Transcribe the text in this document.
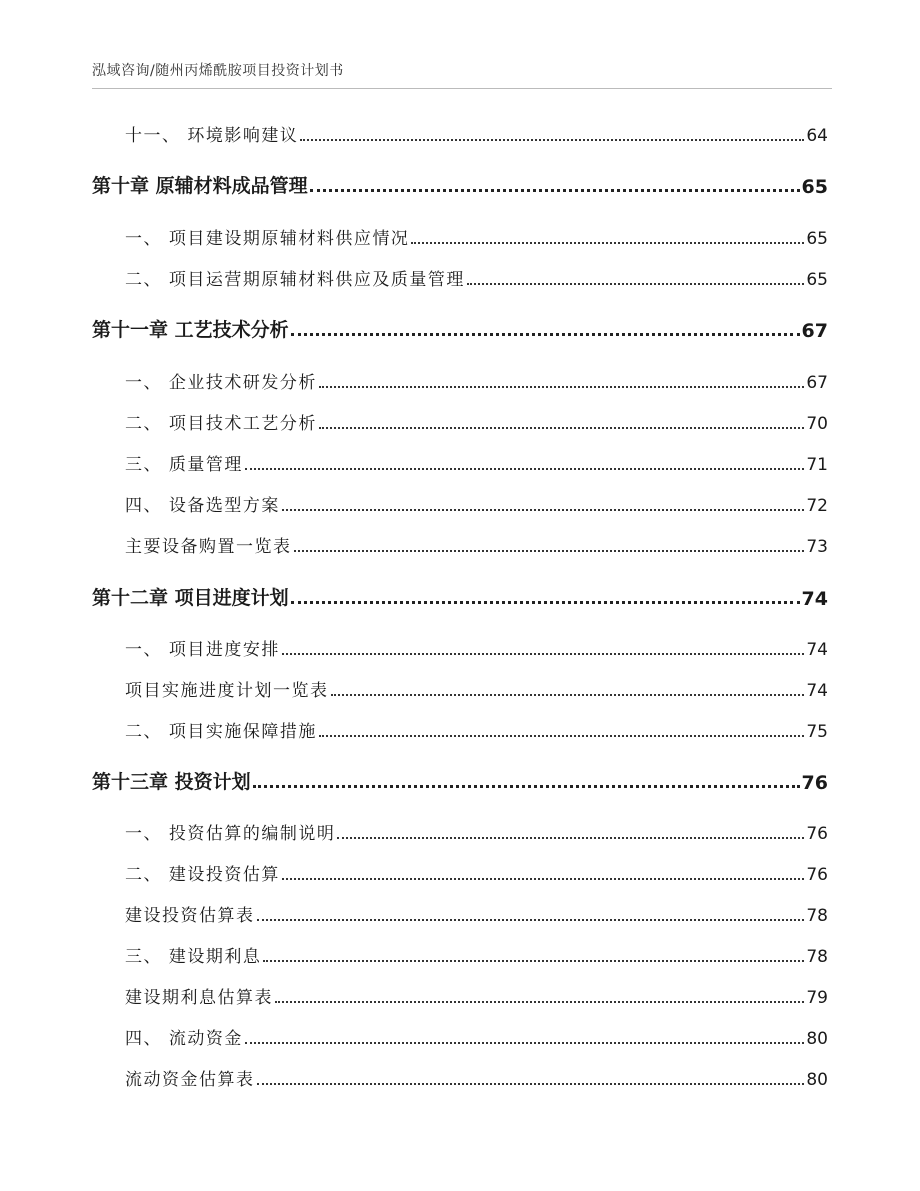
泓域咨询/随州丙烯酰胺项目投资计划书
十一、 环境影响建议	64
第十章 原辅材料成品管理	65
一、 项目建设期原辅材料供应情况	65
二、 项目运营期原辅材料供应及质量管理	65
第十一章 工艺技术分析	67
一、 企业技术研发分析	67
二、 项目技术工艺分析	70
三、 质量管理	71
四、 设备选型方案	72
主要设备购置一览表	73
第十二章 项目进度计划	74
一、 项目进度安排	74
项目实施进度计划一览表	74
二、 项目实施保障措施	75
第十三章 投资计划	76
一、 投资估算的编制说明	76
二、 建设投资估算	76
建设投资估算表	78
三、 建设期利息	78
建设期利息估算表	79
四、 流动资金	80
流动资金估算表	80
